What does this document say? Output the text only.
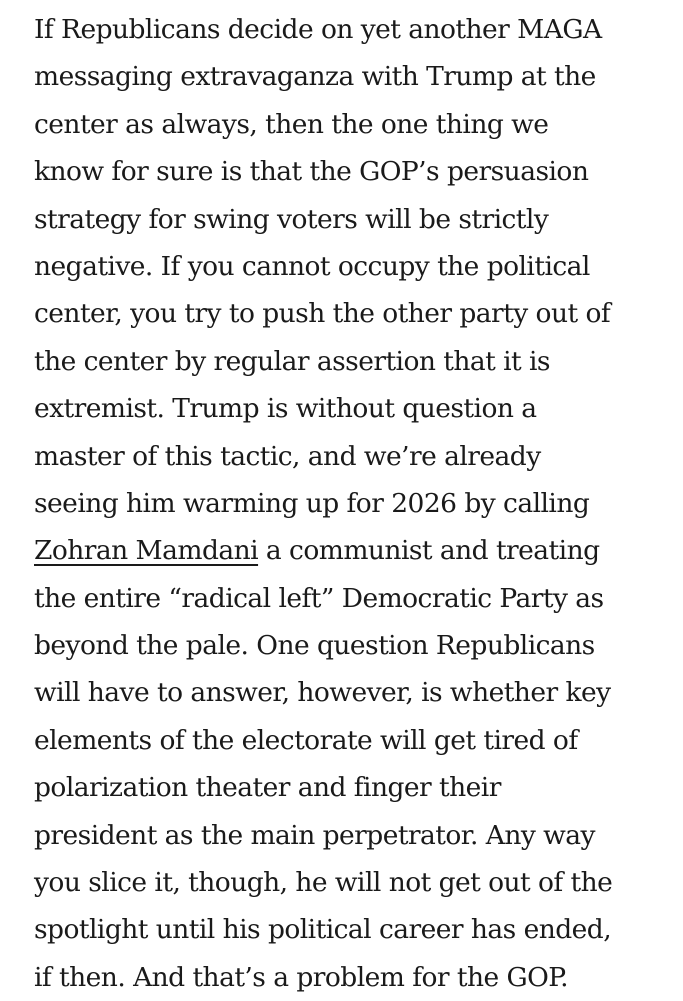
If Republicans decide on yet another MAGA
messaging extravaganza with Trump at the
center as always, then the one thing we
know for sure is that the GOP’s persuasion
strategy for swing voters will be strictly
negative. If you cannot occupy the political
center, you try to push the other party out of
the center by regular assertion that it is
extremist. Trump is without question a
master of this tactic, and we’re already
seeing him warming up for 2026 by calling
Zohran Mamdani a communist and treating
the entire “radical left” Democratic Party as
beyond the pale. One question Republicans
will have to answer, however, is whether key
elements of the electorate will get tired of
polarization theater and finger their
president as the main perpetrator. Any way
you slice it, though, he will not get out of the
spotlight until his political career has ended,
if then. And that’s a problem for the GOP.
